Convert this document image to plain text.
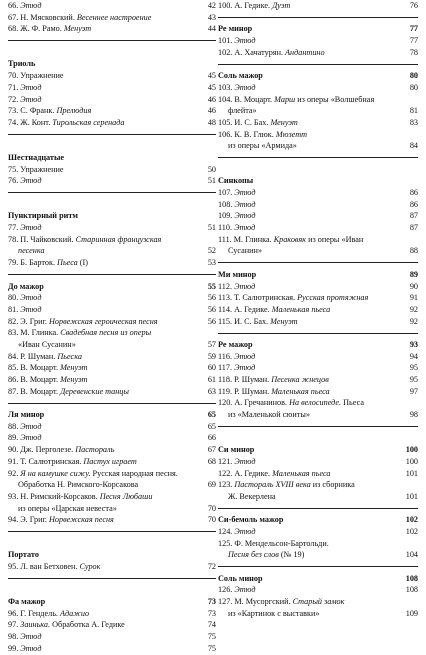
66. Этюд	42
67. Н. Мясковский. Весеннее настроение	43
68. Ж. Ф. Рамо. Менуэт	44
Триоль
70. Упражнение	45
71. Этюд	45
72. Этюд	46
73. С. Франк. Прелюдия	46
74. Ж. Конт. Тирольская серенада	48
Шестнадцатые
75. Упражнение	50
76. Этюд	51
Пунктирный ритм
77. Этюд	51
78. П. Чайковский. Старинная французская
песенка	52
79. Б. Барток. Пьеса (I)	53
До мажор	55
80. Этюд	56
81. Этюд	56
82. Э. Григ. Норвежская героическая песня	56
83. М. Глинка. Свадебная песня из оперы
«Иван Сусанин»	57
84. Р. Шуман. Пьеска	59
85. В. Моцарт. Менуэт	60
86. В. Моцарт. Менуэт	61
87. В. Моцарт. Деревенские танцы	63
Ля минор	65
88. Этюд	65
89. Этюд	66
90. Дж. Перголезе. Пастораль	67
91. Т. Салютринская. Пастух играет	68
92. Я на камушке сижу. Русская народная песня.
Обработка Н. Римского-Корсакова	69
93. Н. Римский-Корсаков. Песня Любаши
из оперы «Царская невеста»	70
94. Э. Григ. Норвежская песня	70
Портато
95. Л. ван Бетховен. Сурок	72
Фа мажор	73
96. Г. Гендель. Адажио	73
97. Заинька. Обработка А. Гедике	74
98. Этюд	75
99. Этюд	75
100. А. Гедике. Дуэт	76
Ре минор	77
101. Этюд	77
102. А. Хачатурян. Андантино	78
Соль мажор	80
103. Этюд	80
104. В. Моцарт. Марш из оперы «Волшебная
флейта»	81
105. И. С. Бах. Менуэт	83
106. К. В. Глюк. Мюзетт
из оперы «Армида»	84
Синкопы
107. Этюд	86
108. Этюд	86
109. Этюд	87
110. Этюд	87
111. М. Глинка. Краковяк из оперы «Иван
Сусанин»	88
Ми минор	89
112. Этюд	90
113. Т. Салютринская. Русская протяжная	91
114. А. Гедике. Маленькая пьеса	92
115. И. С. Бах. Менуэт	92
Ре мажор	93
116. Этюд	94
117. Этюд	95
118. Р. Шуман. Песенка жнецов	95
119. Р. Шуман. Маленькая пьеса	97
120. А. Гречанинов. На велосипеде. Пьеса
из «Маленькой сюиты»	98
Си минор	100
121. Этюд	100
122. А. Гедике. Маленькая пьеса	101
123. Пастораль XVIII века из сборника
Ж. Векерлена	101
Си-бемоль мажор	102
124. Этюд	102
125. Ф. Мендельсон-Бартольди.
Песня без слов (№ 19)	104
Соль минор	108
126. Этюд	108
127. М. Мусоргский. Старый замок
из «Картинок с выставки»	109
